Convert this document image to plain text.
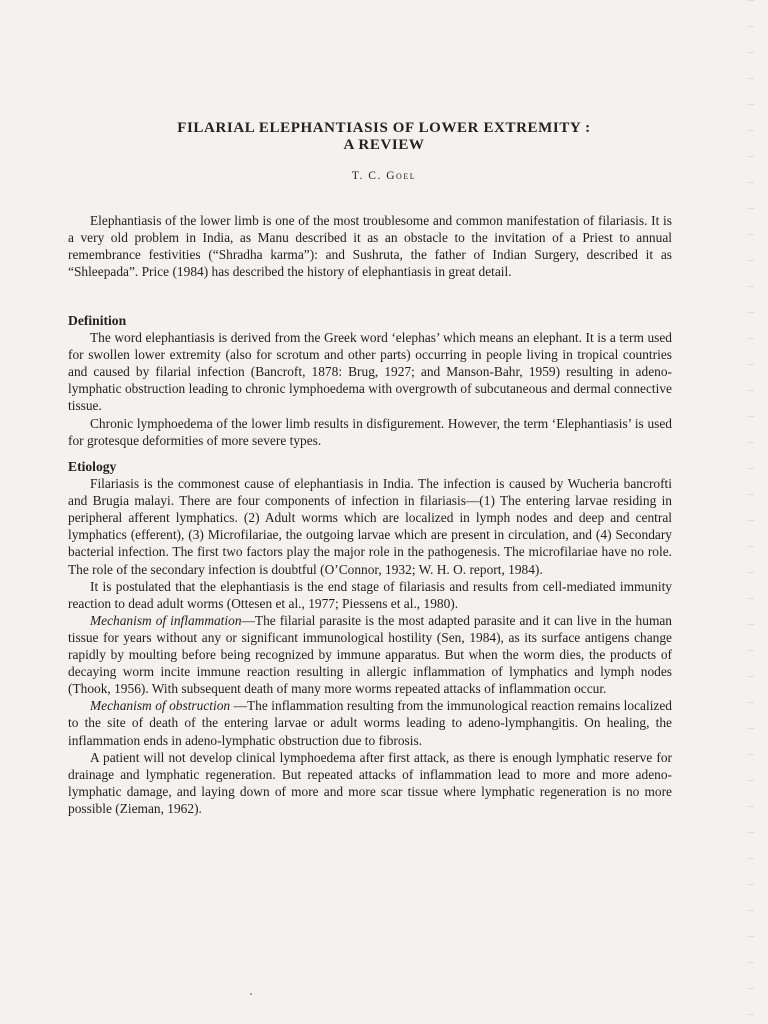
FILARIAL ELEPHANTIASIS OF LOWER EXTREMITY :
A REVIEW
T. C. Goel

Elephantiasis of the lower limb is one of the most troublesome and common manifestation of filariasis. It is a very old problem in India, as Manu described it as an obstacle to the invitation of a Priest to annual remembrance festivities (“Shradha karma”): and Sushruta, the father of Indian Surgery, described it as “Shleepada”. Price (1984) has described the history of elephantiasis in great detail.

Definition

The word elephantiasis is derived from the Greek word ‘elephas’ which means an elephant. It is a term used for swollen lower extremity (also for scrotum and other parts) occurring in people living in tropical countries and caused by filarial infection (Bancroft, 1878: Brug, 1927; and Manson-Bahr, 1959) resulting in adeno-lymphatic obstruction leading to chronic lymphoedema with overgrowth of subcutaneous and dermal connective tissue.

Chronic lymphoedema of the lower limb results in disfigurement. However, the term ‘Elephantiasis’ is used for grotesque deformities of more severe types.

Etiology

Filariasis is the commonest cause of elephantiasis in India. The infection is caused by Wucheria bancrofti and Brugia malayi. There are four components of infection in filariasis—(1) The entering larvae residing in peripheral afferent lymphatics. (2) Adult worms which are localized in lymph nodes and deep and central lymphatics (efferent), (3) Microfilariae, the outgoing larvae which are present in circulation, and (4) Secondary bacterial infection. The first two factors play the major role in the pathogenesis. The microfilariae have no role. The role of the secondary infection is doubtful (O’Connor, 1932; W. H. O. report, 1984).

It is postulated that the elephantiasis is the end stage of filariasis and results from cell-mediated immunity reaction to dead adult worms (Ottesen et al., 1977; Piessens et al., 1980).

Mechanism of inflammation—The filarial parasite is the most adapted parasite and it can live in the human tissue for years without any or significant immunological hostility (Sen, 1984), as its surface antigens change rapidly by moulting before being recognized by immune apparatus. But when the worm dies, the products of decaying worm incite immune reaction resulting in allergic inflammation of lymphatics and lymph nodes (Thook, 1956). With subsequent death of many more worms repeated attacks of inflammation occur.

Mechanism of obstruction —The inflammation resulting from the immunological reaction remains localized to the site of death of the entering larvae or adult worms leading to adeno-lymphangitis. On healing, the inflammation ends in adeno-lymphatic obstruction due to fibrosis.

A patient will not develop clinical lymphoedema after first attack, as there is enough lymphatic reserve for drainage and lymphatic regeneration. But repeated attacks of inflammation lead to more and more adeno-lymphatic damage, and laying down of more and more scar tissue where lymphatic regeneration is no more possible (Zieman, 1962).
